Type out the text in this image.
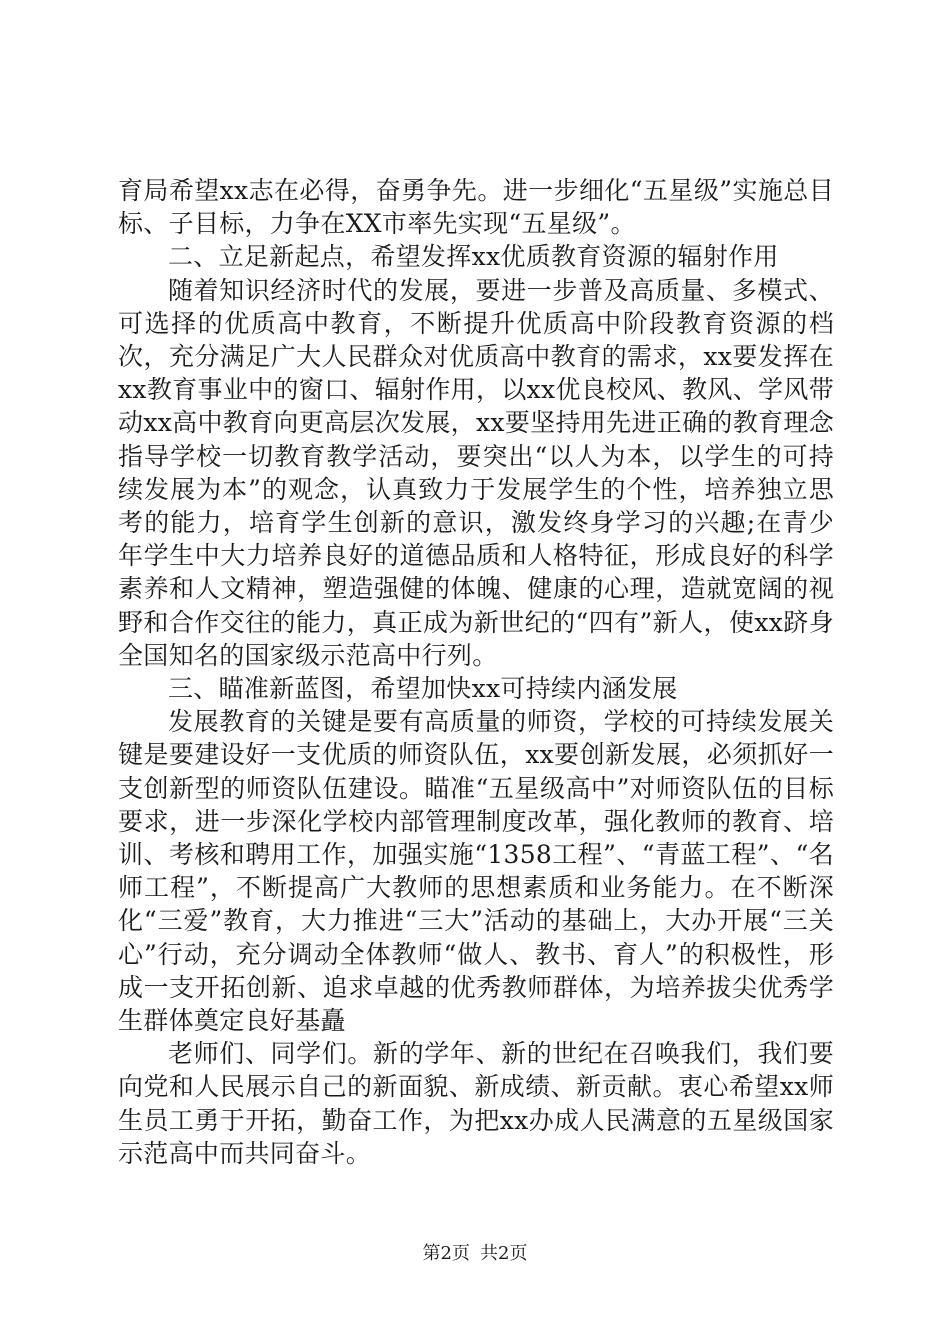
育局希望xx志在必得，奋勇争先。进一步细化“五星级”实施总目标、子目标，力争在XX市率先实现“五星级”。

二、立足新起点，希望发挥xx优质教育资源的辐射作用

随着知识经济时代的发展，要进一步普及高质量、多模式、可选择的优质高中教育，不断提升优质高中阶段教育资源的档次，充分满足广大人民群众对优质高中教育的需求，xx要发挥在xx教育事业中的窗口、辐射作用，以xx优良校风、教风、学风带动xx高中教育向更高层次发展，xx要坚持用先进正确的教育理念指导学校一切教育教学活动，要突出“以人为本，以学生的可持续发展为本”的观念，认真致力于发展学生的个性，培养独立思考的能力，培育学生创新的意识，激发终身学习的兴趣;在青少年学生中大力培养良好的道德品质和人格特征，形成良好的科学素养和人文精神，塑造强健的体魄、健康的心理，造就宽阔的视野和合作交往的能力，真正成为新世纪的“四有”新人，使xx跻身全国知名的国家级示范高中行列。

三、瞄准新蓝图，希望加快xx可持续内涵发展

发展教育的关键是要有高质量的师资，学校的可持续发展关键是要建设好一支优质的师资队伍，xx要创新发展，必须抓好一支创新型的师资队伍建设。瞄准“五星级高中”对师资队伍的目标要求，进一步深化学校内部管理制度改革，强化教师的教育、培训、考核和聘用工作，加强实施“1358工程”、“青蓝工程”、“名师工程”，不断提高广大教师的思想素质和业务能力。在不断深化“三爱”教育，大力推进“三大”活动的基础上，大办开展“三关心”行动，充分调动全体教师“做人、教书、育人”的积极性，形成一支开拓创新、追求卓越的优秀教师群体，为培养拔尖优秀学生群体奠定良好基矗

老师们、同学们。新的学年、新的世纪在召唤我们，我们要向党和人民展示自己的新面貌、新成绩、新贡献。衷心希望xx师生员工勇于开拓，勤奋工作，为把xx办成人民满意的五星级国家示范高中而共同奋斗。

第2页 共2页
